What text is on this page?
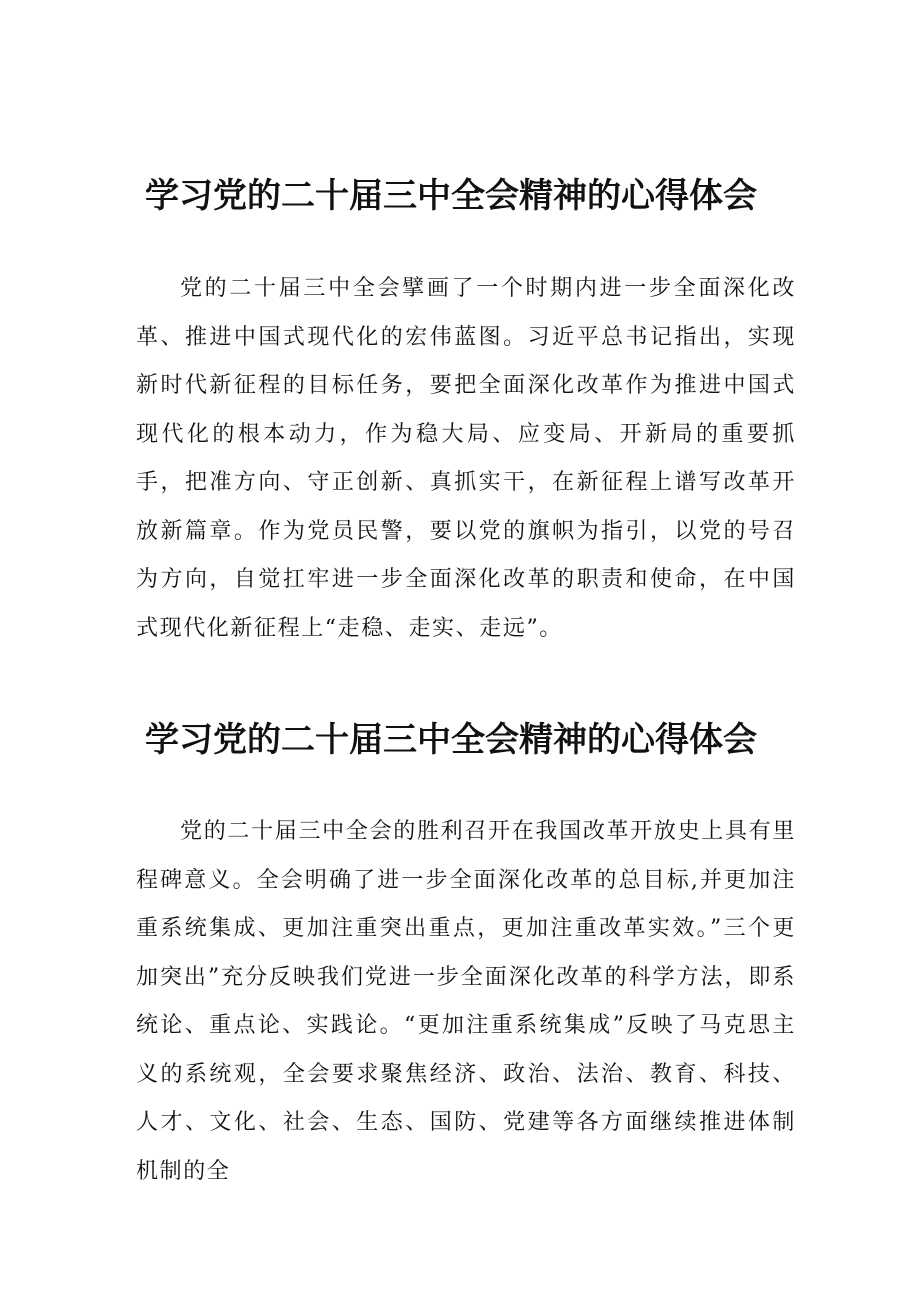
学习党的二十届三中全会精神的心得体会

党的二十届三中全会擘画了一个时期内进一步全面深化改革、推进中国式现代化的宏伟蓝图。习近平总书记指出，实现新时代新征程的目标任务，要把全面深化改革作为推进中国式现代化的根本动力，作为稳大局、应变局、开新局的重要抓手，把准方向、守正创新、真抓实干，在新征程上谱写改革开放新篇章。作为党员民警，要以党的旗帜为指引，以党的号召为方向，自觉扛牢进一步全面深化改革的职责和使命，在中国式现代化新征程上“走稳、走实、走远”。

学习党的二十届三中全会精神的心得体会

党的二十届三中全会的胜利召开在我国改革开放史上具有里程碑意义。全会明确了进一步全面深化改革的总目标,并更加注重系统集成、更加注重突出重点，更加注重改革实效。”三个更加突出”充分反映我们党进一步全面深化改革的科学方法，即系统论、重点论、实践论。“更加注重系统集成”反映了马克思主义的系统观，全会要求聚焦经济、政治、法治、教育、科技、人才、文化、社会、生态、国防、党建等各方面继续推进体制机制的全
